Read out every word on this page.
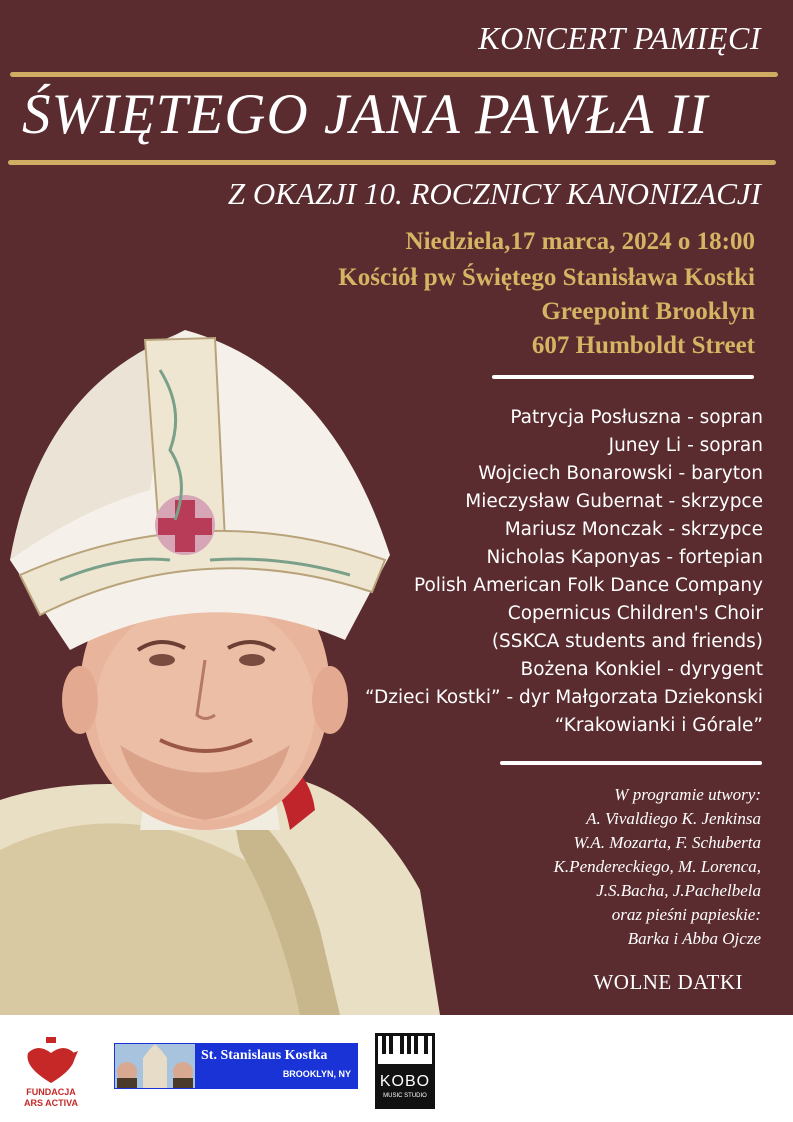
KONCERT PAMIĘCI
ŚWIĘTEGO JANA PAWŁA II
Z OKAZJI 10. ROCZNICY KANONIZACJI
Niedziela,17 marca, 2024 o 18:00
Kościół pw Świętego Stanisława Kostki
Greepoint Brooklyn
607 Humboldt Street
Patrycja Posłuszna - sopran
Juney Li - sopran
Wojciech Bonarowski - baryton
Mieczysław Gubernat - skrzypce
Mariusz Monczak - skrzypce
Nicholas Kaponyas - fortepian
Polish American Folk Dance Company
Copernicus Children's Choir
(SSKCA students and friends)
Bożena Konkiel - dyrygent
“Dzieci Kostki” - dyr Małgorzata Dziekonski
“Krakowianki i Górale”
W programie utwory:
A. Vivaldiego K. Jenkinsa
W.A. Mozarta, F. Schuberta
K.Pendereckiego, M. Lorenca,
J.S.Bacha, J.Pachelbela
oraz pieśni papieskie:
Barka i Abba Ojcze
WOLNE DATKI
FUNDACJA
ARS ACTIVA
St. Stanislaus Kostka
BROOKLYN, NY	KOBO
MUSIC STUDIO
